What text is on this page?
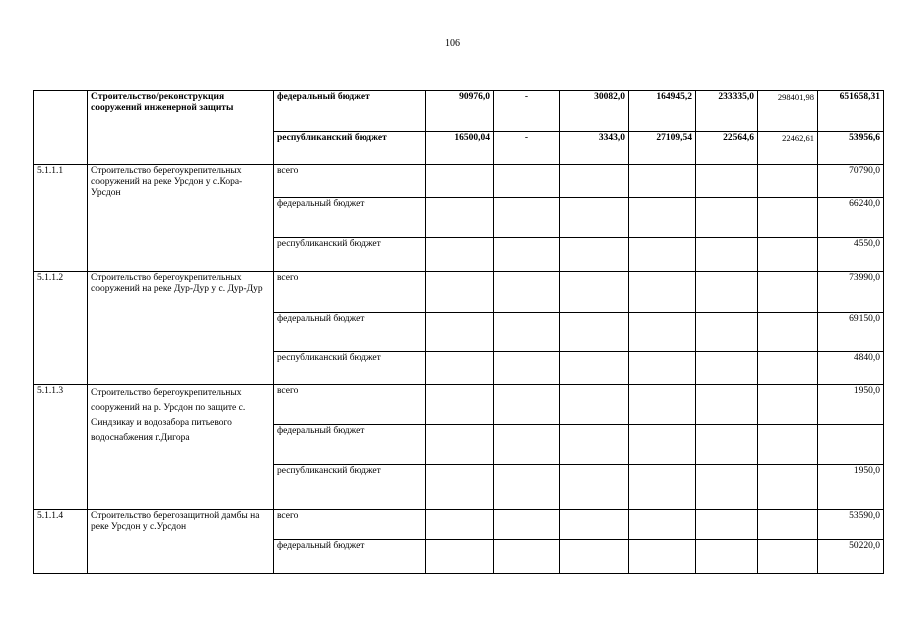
106
	Строительство/реконструкция сооружений инженерной защиты	федеральный бюджет	90976,0	-	30082,0	164945,2	233335,0	298401,98	651658,31
		республиканский бюджет	16500,04	-	3343,0	27109,54	22564,6	22462,61	53956,6
5.1.1.1	Строительство берегоукрепительных сооружений на реке Урсдон у с.Кора-Урсдон	всего							70790,0
		федеральный бюджет							66240,0
		республиканский бюджет							4550,0
5.1.1.2	Строительство берегоукрепительных сооружений на реке Дур-Дур у с. Дур-Дур	всего							73990,0
		федеральный бюджет							69150,0
		республиканский бюджет							4840,0
5.1.1.3	Строительство берегоукрепительных сооружений на р. Урсдон по защите с. Синдзикау и водозабора питьевого водоснабжения г.Дигора	всего							1950,0
		федеральный бюджет							
		республиканский бюджет							1950,0
5.1.1.4	Строительство берегозащитной дамбы на реке Урсдон у с.Урсдон	всего							53590,0
		федеральный бюджет							50220,0
